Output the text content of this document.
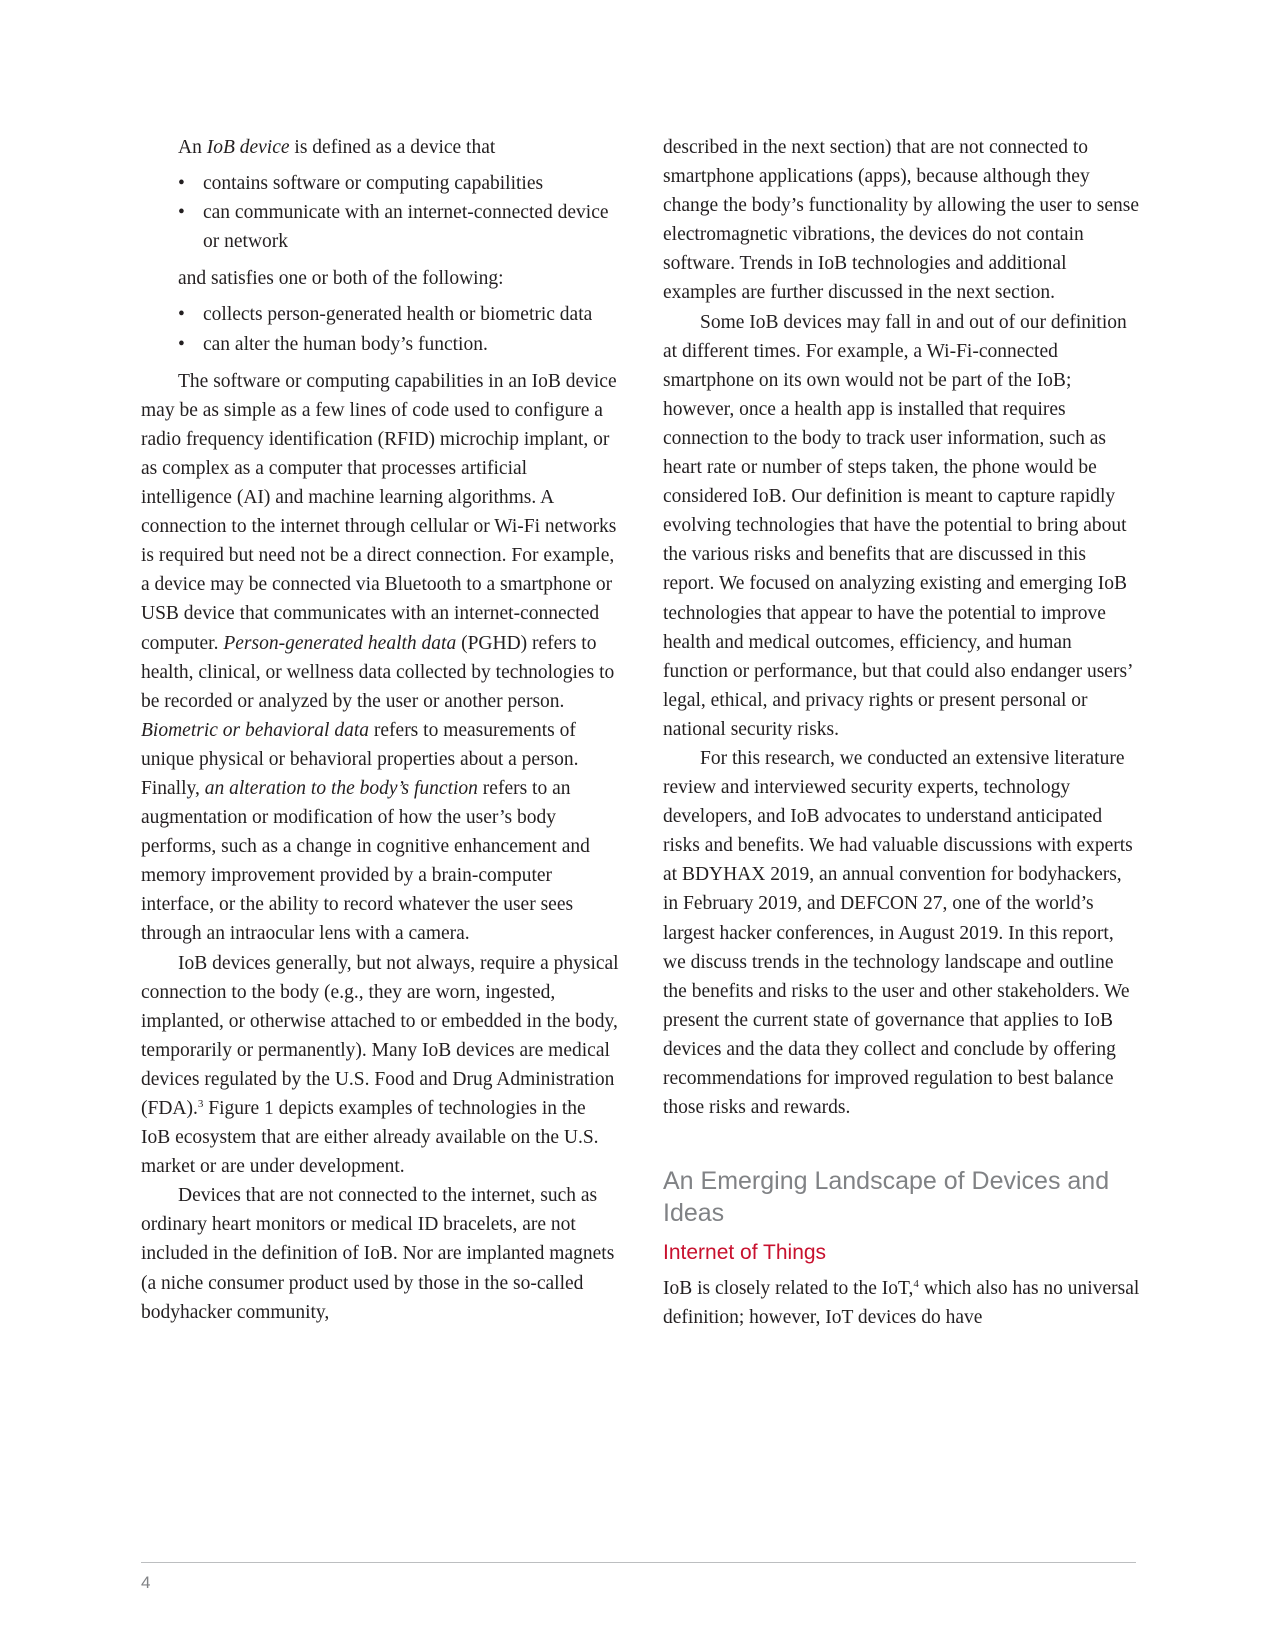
An IoB device is defined as a device that

• contains software or computing capabilities
• can communicate with an internet-connected device or network

and satisfies one or both of the following:

• collects person-generated health or biometric data
• can alter the human body’s function.

The software or computing capabilities in an IoB device may be as simple as a few lines of code used to configure a radio frequency identification (RFID) microchip implant, or as complex as a computer that processes artificial intelligence (AI) and machine learning algorithms. A connection to the internet through cellular or Wi-Fi networks is required but need not be a direct connection. For example, a device may be connected via Bluetooth to a smartphone or USB device that communicates with an internet-connected computer. Person-generated health data (PGHD) refers to health, clinical, or wellness data collected by technologies to be recorded or analyzed by the user or another person. Biometric or behavioral data refers to measurements of unique physical or behavioral properties about a person. Finally, an alteration to the body’s function refers to an augmentation or modification of how the user’s body performs, such as a change in cognitive enhancement and memory improvement provided by a brain-computer interface, or the ability to record whatever the user sees through an intraocular lens with a camera.

IoB devices generally, but not always, require a physical connection to the body (e.g., they are worn, ingested, implanted, or otherwise attached to or embedded in the body, temporarily or permanently). Many IoB devices are medical devices regulated by the U.S. Food and Drug Administration (FDA).$^3$ Figure 1 depicts examples of technologies in the IoB ecosystem that are either already available on the U.S. market or are under development.

Devices that are not connected to the internet, such as ordinary heart monitors or medical ID bracelets, are not included in the definition of IoB. Nor are implanted magnets (a niche consumer product used by those in the so-called bodyhacker community,

described in the next section) that are not connected to smartphone applications (apps), because although they change the body’s functionality by allowing the user to sense electromagnetic vibrations, the devices do not contain software. Trends in IoB technologies and additional examples are further discussed in the next section.

Some IoB devices may fall in and out of our definition at different times. For example, a Wi-Fi-connected smartphone on its own would not be part of the IoB; however, once a health app is installed that requires connection to the body to track user information, such as heart rate or number of steps taken, the phone would be considered IoB. Our definition is meant to capture rapidly evolving technologies that have the potential to bring about the various risks and benefits that are discussed in this report. We focused on analyzing existing and emerging IoB technologies that appear to have the potential to improve health and medical outcomes, efficiency, and human function or performance, but that could also endanger users’ legal, ethical, and privacy rights or present personal or national security risks.

For this research, we conducted an extensive literature review and interviewed security experts, technology developers, and IoB advocates to understand anticipated risks and benefits. We had valuable discussions with experts at BDYHAX 2019, an annual convention for bodyhackers, in February 2019, and DEFCON 27, one of the world’s largest hacker conferences, in August 2019. In this report, we discuss trends in the technology landscape and outline the benefits and risks to the user and other stakeholders. We present the current state of governance that applies to IoB devices and the data they collect and conclude by offering recommendations for improved regulation to best balance those risks and rewards.

An Emerging Landscape of Devices and Ideas
Internet of Things

IoB is closely related to the IoT,$^4$ which also has no universal definition; however, IoT devices do have

4
